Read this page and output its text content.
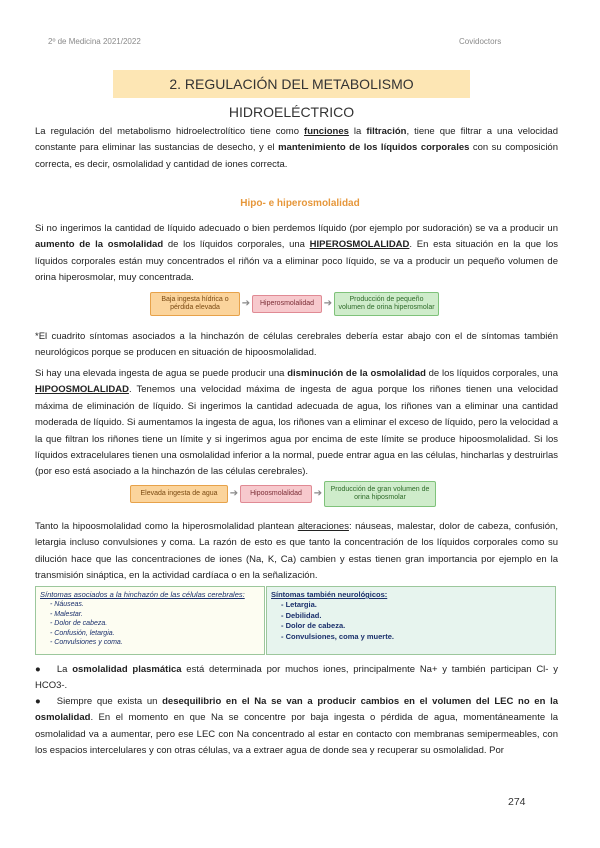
2º de Medicina 2021/2022	Covidoctors
2. REGULACIÓN DEL METABOLISMO HIDROELÉCTRICO
La regulación del metabolismo hidroelectrolítico tiene como funciones la filtración, tiene que filtrar a una velocidad constante para eliminar las sustancias de desecho, y el mantenimiento de los líquidos corporales con su composición correcta, es decir, osmolalidad y cantidad de iones correcta.
Hipo- e hiperosmolalidad
Si no ingerimos la cantidad de líquido adecuado o bien perdemos líquido (por ejemplo por sudoración) se va a producir un aumento de la osmolalidad de los líquidos corporales, una HIPEROSMOLALIDAD. En esta situación en la que los líquidos corporales están muy concentrados el riñón va a eliminar poco líquido, se va a producir un pequeño volumen de orina hiperosmolar, muy concentrada.
Baja ingesta hídrica o pérdida elevada	➔	Hiperosmolalidad ➔	Producción de pequeño volumen de orina hiperosmolar
*El cuadrito síntomas asociados a la hinchazón de células cerebrales debería estar abajo con el de síntomas también neurológicos porque se producen en situación de hipoosmolalidad.
Si hay una elevada ingesta de agua se puede producir una disminución de la osmolalidad de los líquidos corporales, una HIPOOSMOLALIDAD. Tenemos una velocidad máxima de ingesta de agua porque los riñones tienen una velocidad máxima de eliminación de líquido. Si ingerimos la cantidad adecuada de agua, los riñones van a eliminar una cantidad moderada de líquido. Si aumentamos la ingesta de agua, los riñones van a eliminar el exceso de líquido, pero la velocidad a la que filtran los riñones tiene un límite y si ingerimos agua por encima de este límite se produce hipoosmolalidad. Si los líquidos extracelulares tienen una osmolalidad inferior a la normal, puede entrar agua en las células, hincharlas y destruirlas (por eso está asociado a la hinchazón de las células cerebrales).
Elevada ingesta de agua	➔	Hipoosmolalidad	➔	Producción de gran volumen de orina hiposmolar
Tanto la hipoosmolalidad como la hiperosmolalidad plantean alteraciones: náuseas, malestar, dolor de cabeza, confusión, letargia incluso convulsiones y coma. La razón de esto es que tanto la concentración de los líquidos corporales como su dilución hace que las concentraciones de iones (Na, K, Ca) cambien y estas tienen gran importancia por ejemplo en la transmisión sináptica, en la actividad cardíaca o en la señalización.
Síntomas asociados a la hinchazón de las células cerebrales:
- Náuseas.
- Malestar.
- Dolor de cabeza.
- Confusión, letargia.
- Convulsiones y coma.
Síntomas también neurológicos:
- Letargia.
- Debilidad.
- Dolor de cabeza.
- Convulsiones, coma y muerte.
● La osmolalidad plasmática está determinada por muchos iones, principalmente Na+ y también participan Cl- y HCO3-.
● Siempre que exista un desequilibrio en el Na se van a producir cambios en el volumen del LEC no en la osmolalidad. En el momento en que Na se concentre por baja ingesta o pérdida de agua, momentáneamente la osmolalidad va a aumentar, pero ese LEC con Na concentrado al estar en contacto con membranas semipermeables, con los espacios intercelulares y con otras células, va a extraer agua de donde sea y recuperar su osmolalidad. Por
274
